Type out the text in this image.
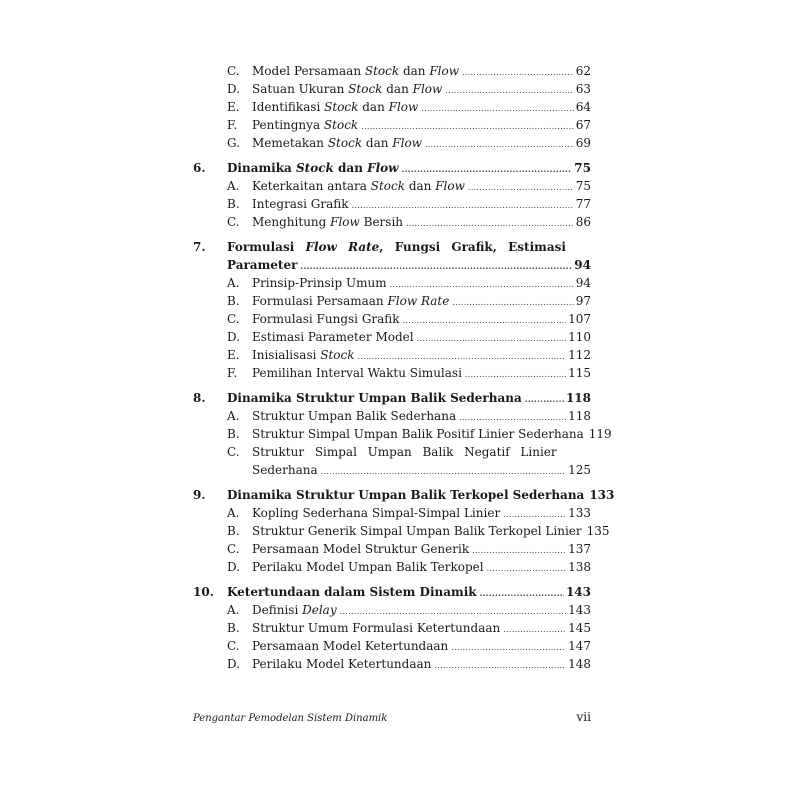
C.	Model Persamaan Stock dan Flow .....	62
D. Satuan Ukuran Stock dan Flow .....	63
E.	Identifikasi Stock dan Flow .....	64
F.	Pentingnya Stock .....	67
G.	Memetakan Stock dan Flow .....	69
6.	Dinamika Stock dan Flow .....	75
A.	Keterkaitan antara Stock dan Flow .....	75
B.	Integrasi Grafik .....	77
C.	Menghitung Flow Bersih .....	86
7.	Formulasi Flow Rate, Fungsi Grafik, Estimasi

Parameter .....	94
A.	Prinsip-Prinsip Umum .....	94
B.	Formulasi Persamaan Flow Rate .....	97
C.	Formulasi Fungsi Grafik .....	107
D. Estimasi Parameter Model .....	110
E.	Inisialisasi Stock .....	112
F.	Pemilihan Interval Waktu Simulasi .....	115
8.	Dinamika Struktur Umpan Balik Sederhana .....	118
A.	Struktur Umpan Balik Sederhana .....	118
B.	Struktur Simpal Umpan Balik Positif Linier Sederhana 119
C.	Struktur Simpal Umpan Balik Negatif Linier

Sederhana .....	125
9.	Dinamika Struktur Umpan Balik Terkopel Sederhana 133
A.	Kopling Sederhana Simpal-Simpal Linier .....	133
B.	Struktur Generik Simpal Umpan Balik Terkopel Linier 135
C.	Persamaan Model Struktur Generik .....	137
D. Perilaku Model Umpan Balik Terkopel .....	138
10.	Ketertundaan dalam Sistem Dinamik .....	143
A.	Definisi Delay .....	143
B.	Struktur Umum Formulasi Ketertundaan .....	145
C.	Persamaan Model Ketertundaan .....	147
D. Perilaku Model Ketertundaan .....	148
Pengantar Pemodelan Sistem Dinamik	vii
